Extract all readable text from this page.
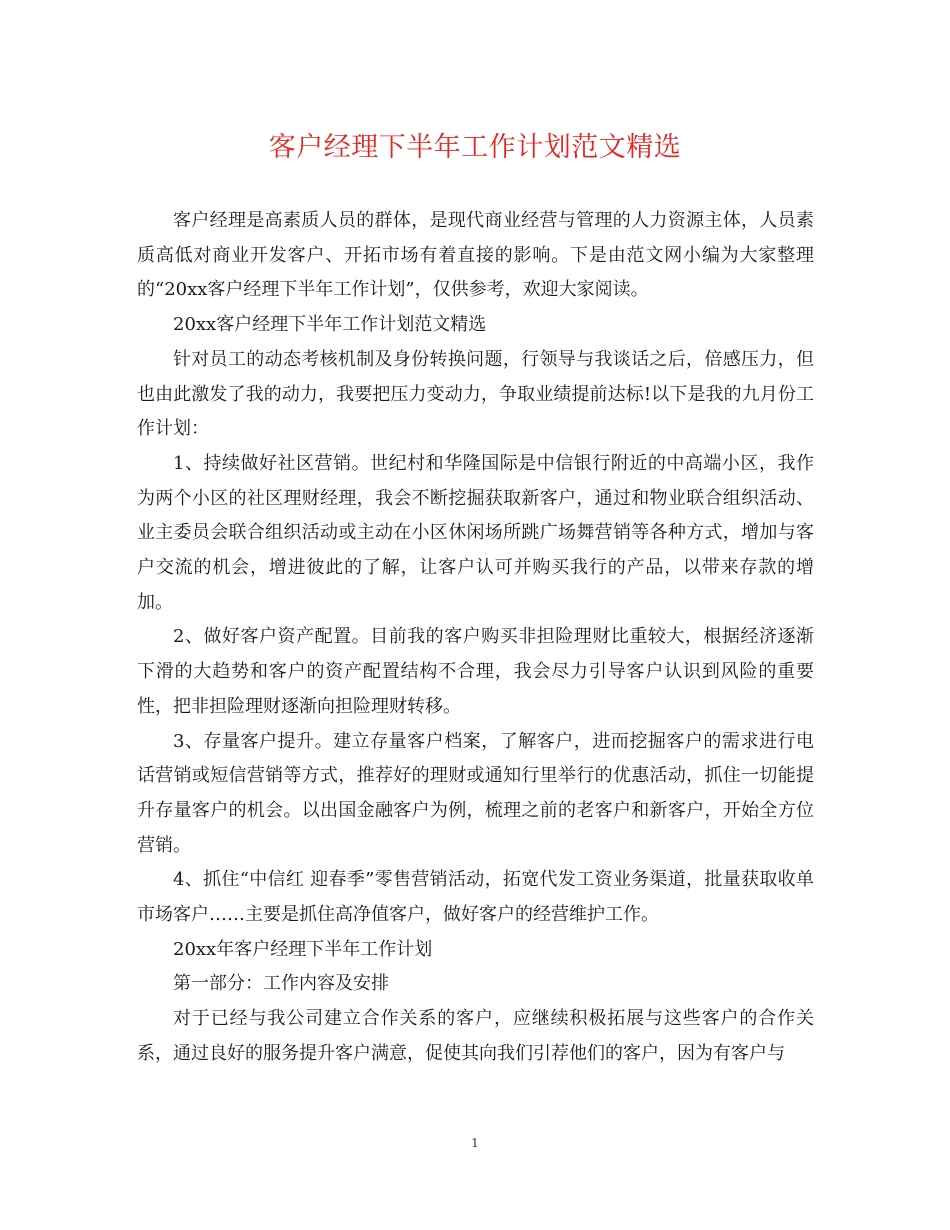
客户经理下半年工作计划范文精选

客户经理是高素质人员的群体，是现代商业经营与管理的人力资源主体，人员素质高低对商业开发客户、开拓市场有着直接的影响。下是由范文网小编为大家整理的“20xx客户经理下半年工作计划”，仅供参考，欢迎大家阅读。

20xx客户经理下半年工作计划范文精选

针对员工的动态考核机制及身份转换问题，行领导与我谈话之后，倍感压力，但也由此激发了我的动力，我要把压力变动力，争取业绩提前达标!以下是我的九月份工作计划：

1、持续做好社区营销。世纪村和华隆国际是中信银行附近的中高端小区，我作为两个小区的社区理财经理，我会不断挖掘获取新客户，通过和物业联合组织活动、业主委员会联合组织活动或主动在小区休闲场所跳广场舞营销等各种方式，增加与客户交流的机会，增进彼此的了解，让客户认可并购买我行的产品，以带来存款的增加。

2、做好客户资产配置。目前我的客户购买非担险理财比重较大，根据经济逐渐下滑的大趋势和客户的资产配置结构不合理，我会尽力引导客户认识到风险的重要性，把非担险理财逐渐向担险理财转移。

3、存量客户提升。建立存量客户档案，了解客户，进而挖掘客户的需求进行电话营销或短信营销等方式，推荐好的理财或通知行里举行的优惠活动，抓住一切能提升存量客户的机会。以出国金融客户为例，梳理之前的老客户和新客户，开始全方位营销。

4、抓住“中信红 迎春季”零售营销活动，拓宽代发工资业务渠道，批量获取收单市场客户……主要是抓住高净值客户，做好客户的经营维护工作。

20xx年客户经理下半年工作计划

第一部分：工作内容及安排

对于已经与我公司建立合作关系的客户，应继续积极拓展与这些客户的合作关系，通过良好的服务提升客户满意，促使其向我们引荐他们的客户，因为有客户与

1
